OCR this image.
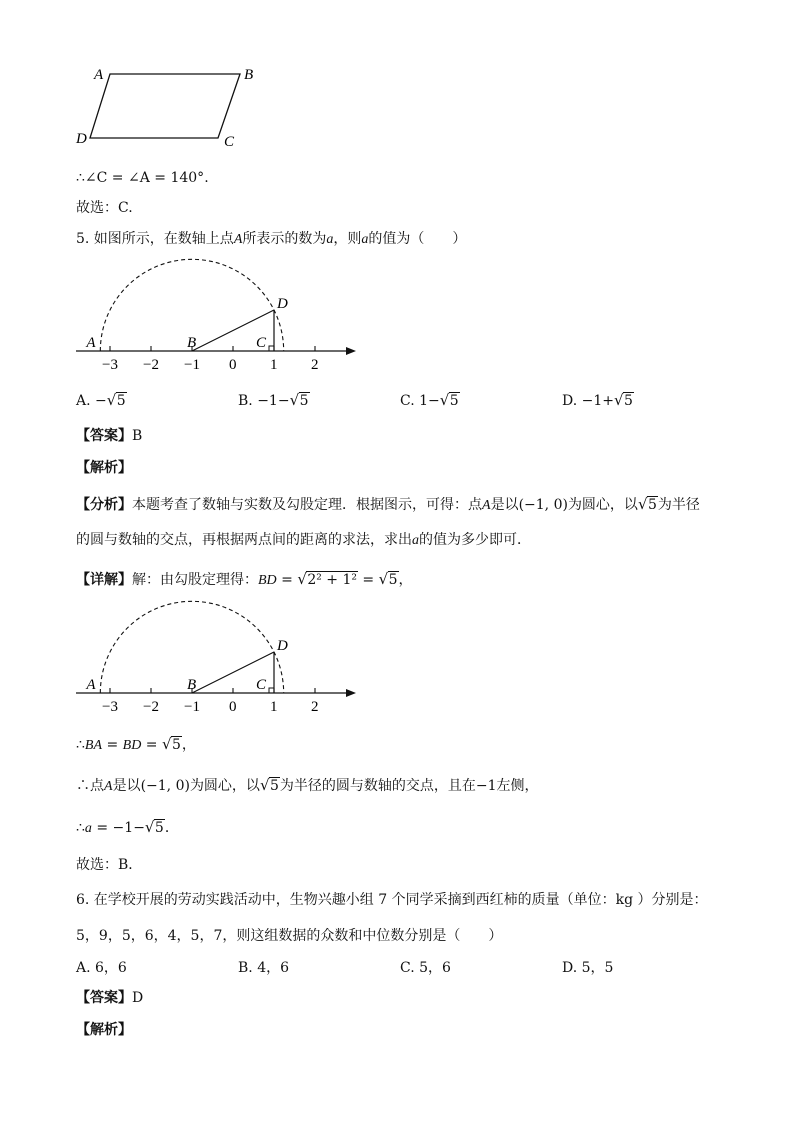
A	B
C
D
∴∠C = ∠A = 140°.
故选：C.
5. 如图所示，在数轴上点A所表示的数为a，则a的值为（　　）
−3 −2 −1 0 1 2
A	B	C
D
A. − √ 5	B. −1− √ 5	C. 1− √ 5	D. −1+ √ 5
【答案】B
【解析】
【分析】本题考查了数轴与实数及勾股定理．根据图示，可得：点A是以(−1, 0)为圆心，以 √ 5为半径
的圆与数轴的交点，再根据两点间的距离的求法，求出a的值为多少即可．
【详解】解：由勾股定理得：BD = √ 2² + 1² = √ 5，
−3 −2 −1 0 1 2
A	B	C
D
∴BA = BD = √ 5，
∴点A是以(−1, 0)为圆心，以 √ 5为半径的圆与数轴的交点，且在−1左侧，
∴a = −1− √ 5．
故选：B．
6. 在学校开展的劳动实践活动中，生物兴趣小组 7 个同学采摘到西红柿的质量（单位：kg ）分别是：
5，9，5，6，4，5，7，则这组数据的众数和中位数分别是（　　）
A. 6，6	B. 4，6	C. 5，6	D. 5，5
【答案】D
【解析】
